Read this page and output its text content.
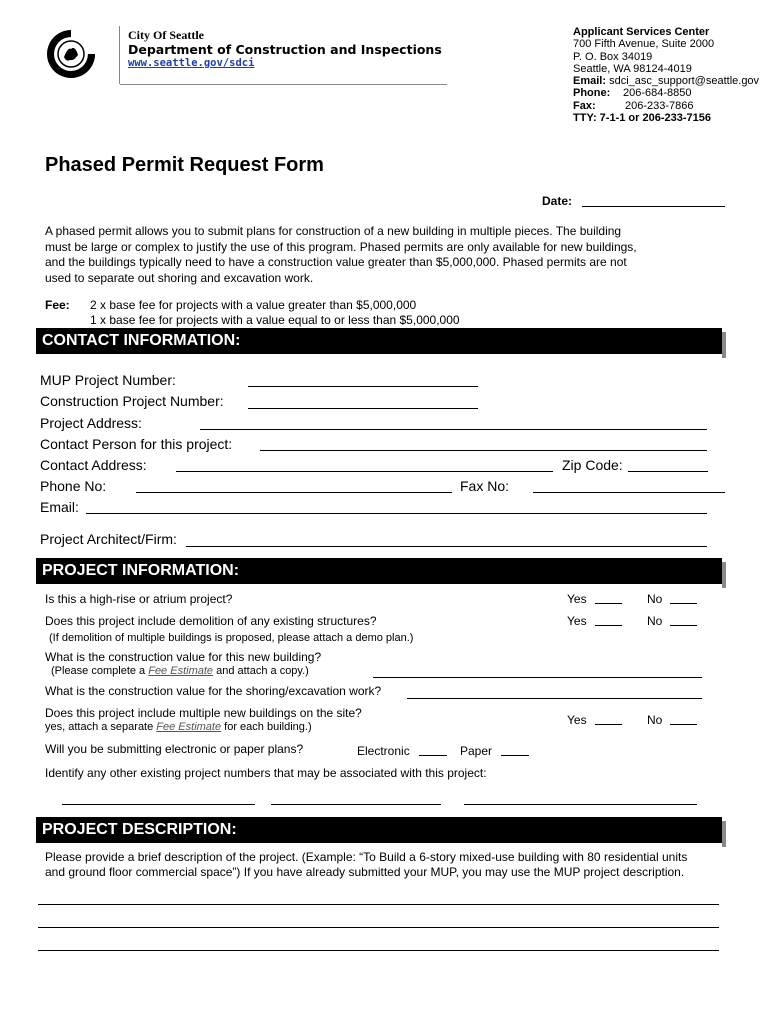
City Of Seattle
Department of Construction and Inspections
www.seattle.gov/sdci
Applicant Services Center
700 Fifth Avenue, Suite 2000
P. O. Box 34019
Seattle, WA 98124-4019
Email: sdci_asc_support@seattle.gov
Phone: 206-684-8850
Fax:	206-233-7866
TTY: 7-1-1 or 206-233-7156
Phased Permit Request Form
Date:
A phased permit allows you to submit plans for construction of a new building in multiple pieces. The building
must be large or complex to justify the use of this program. Phased permits are only available for new buildings,
and the buildings typically need to have a construction value greater than $5,000,000. Phased permits are not
used to separate out shoring and excavation work.
Fee: 2 x base fee for projects with a value greater than $5,000,000
1 x base fee for projects with a value equal to or less than $5,000,000
CONTACT INFORMATION:
MUP Project Number:
Construction Project Number:
Project Address:
Contact Person for this project:
Contact Address:	Zip Code:
Phone No:	Fax No:
Email:
Project Architect/Firm:
PROJECT INFORMATION:
Is this a high-rise or atrium project?	Yes	No
Does this project include demolition of any existing structures?	Yes	No
(If demolition of multiple buildings is proposed, please attach a demo plan.)
What is the construction value for this new building?
(Please complete a Fee Estimate and attach a copy.)
What is the construction value for the shoring/excavation work?
Does this project include multiple new buildings on the site?
yes, attach a separate Fee Estimate for each building.)	Yes	No
Will you be submitting electronic or paper plans?	Electronic	Paper
Identify any other existing project numbers that may be associated with this project:
PROJECT DESCRIPTION:
Please provide a brief description of the project. (Example: “To Build a 6-story mixed-use building with 80 residential units
and ground floor commercial space”) If you have already submitted your MUP, you may use the MUP project description.
